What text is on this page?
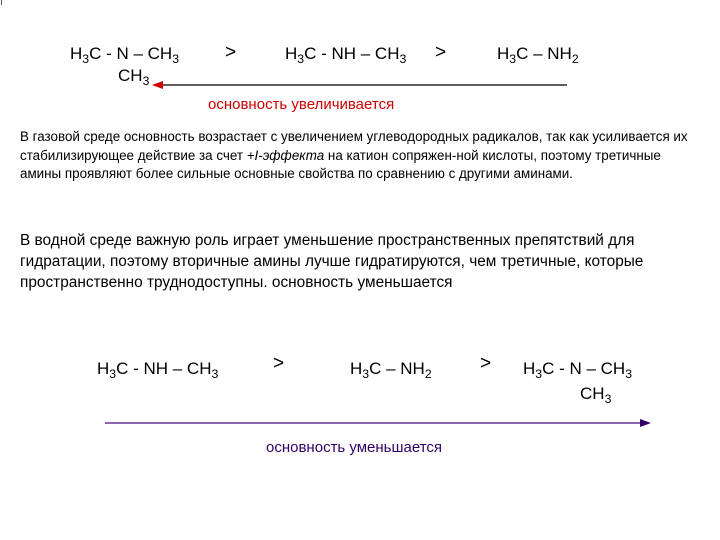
$H_3C$ - N – $CH_3$
$CH_3$
>	$H_3C$ - NH – $CH_3$ >	$H_3C - NH_2$
основность увеличивается
В газовой среде основность возрастает с увеличением углеводородных радикалов, так как усиливается их стабилизирующее действие за счет +I-эффекта на катион сопряжен-ной кислоты, поэтому третичные амины проявляют более сильные основные свойства по сравнению с другими аминами.
В водной среде важную роль играет уменьшение пространственных препятствий для гидратации, поэтому вторичные амины лучше гидратируются, чем третичные, которые пространственно труднодоступны. основность уменьшается
$H_3C$ - NH – $CH_3$	>	$H_3C - NH_2$	> $H_3C$ - N – $CH_3$
$CH_3$
основность уменьшается
